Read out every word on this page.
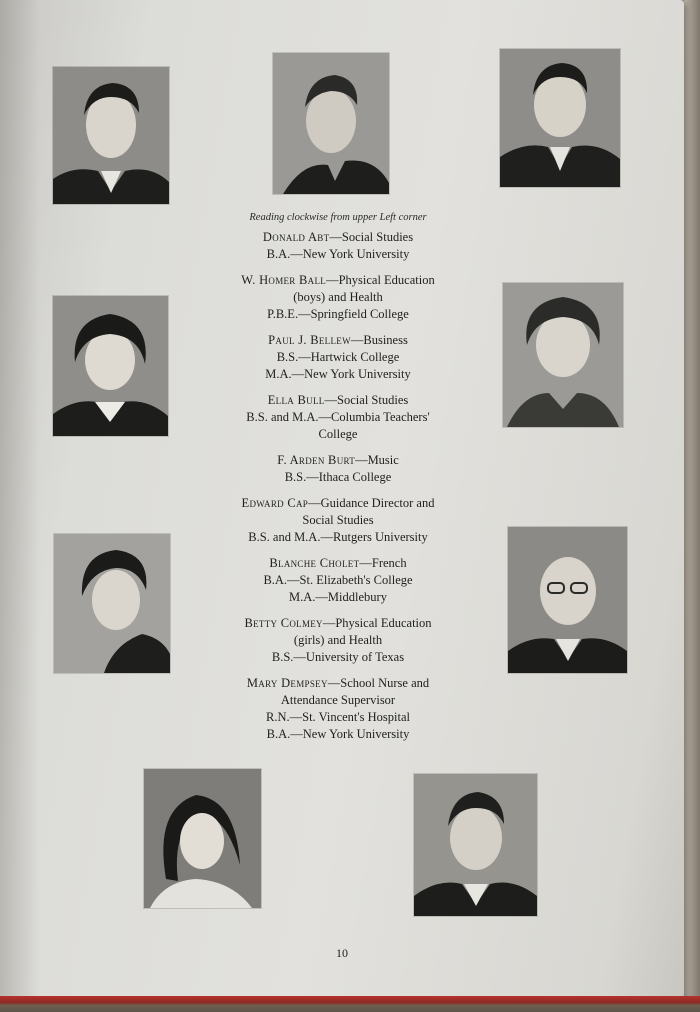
Reading clockwise from upper Left corner
Donald Abt—Social Studies
B.A.—New York University
W. Homer Ball—Physical Education
(boys) and Health
P.B.E.—Springfield College
Paul J. Bellew—Business
B.S.—Hartwick College
M.A.—New York University
Ella Bull—Social Studies
B.S. and M.A.—Columbia Teachers'
College
F. Arden Burt—Music
B.S.—Ithaca College
Edward Cap—Guidance Director and
Social Studies
B.S. and M.A.—Rutgers University
Blanche Cholet—French
B.A.—St. Elizabeth's College
M.A.—Middlebury
Betty Colmey—Physical Education
(girls) and Health
B.S.—University of Texas
Mary Dempsey—School Nurse and
Attendance Supervisor
R.N.—St. Vincent's Hospital
B.A.—New York University
10
